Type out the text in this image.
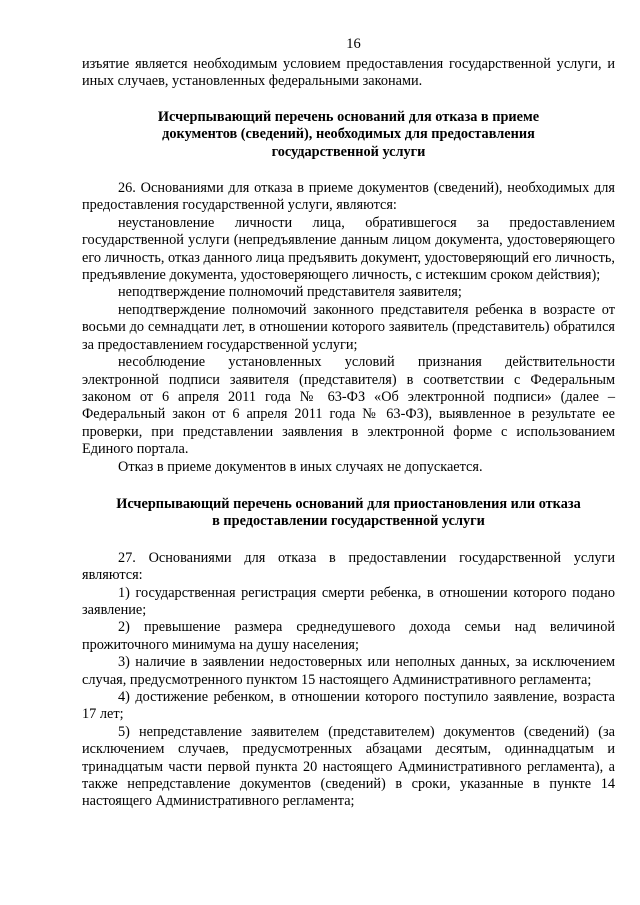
16

изъятие является необходимым условием предоставления государственной услуги, и иных случаев, установленных федеральными законами.

Исчерпывающий перечень оснований для отказа в приеме
документов (сведений), необходимых для предоставления
государственной услуги

26. Основаниями для отказа в приеме документов (сведений), необходимых для предоставления государственной услуги, являются:

неустановление личности лица, обратившегося за предоставлением государственной услуги (непредъявление данным лицом документа, удостоверяющего его личность, отказ данного лица предъявить документ, удостоверяющий его личность, предъявление документа, удостоверяющего личность, с истекшим сроком действия);

неподтверждение полномочий представителя заявителя;

неподтверждение полномочий законного представителя ребенка в возрасте от восьми до семнадцати лет, в отношении которого заявитель (представитель) обратился за предоставлением государственной услуги;

несоблюдение установленных условий признания действительности электронной подписи заявителя (представителя) в соответствии с Федеральным законом от 6 апреля 2011 года № 63-ФЗ «Об электронной подписи» (далее – Федеральный закон от 6 апреля 2011 года № 63-ФЗ), выявленное в результате ее проверки, при представлении заявления в электронной форме с использованием Единого портала.

Отказ в приеме документов в иных случаях не допускается.

Исчерпывающий перечень оснований для приостановления или отказа
в предоставлении государственной услуги

27. Основаниями для отказа в предоставлении государственной услуги являются:

1) государственная регистрация смерти ребенка, в отношении которого подано заявление;

2) превышение размера среднедушевого дохода семьи над величиной прожиточного минимума на душу населения;

3) наличие в заявлении недостоверных или неполных данных, за исключением случая, предусмотренного пунктом 15 настоящего Административного регламента;

4) достижение ребенком, в отношении которого поступило заявление, возраста 17 лет;

5) непредставление заявителем (представителем) документов (сведений) (за исключением случаев, предусмотренных абзацами десятым, одиннадцатым и тринадцатым части первой пункта 20 настоящего Административного регламента), а также непредставление документов (сведений) в сроки, указанные в пункте 14 настоящего Административного регламента;
